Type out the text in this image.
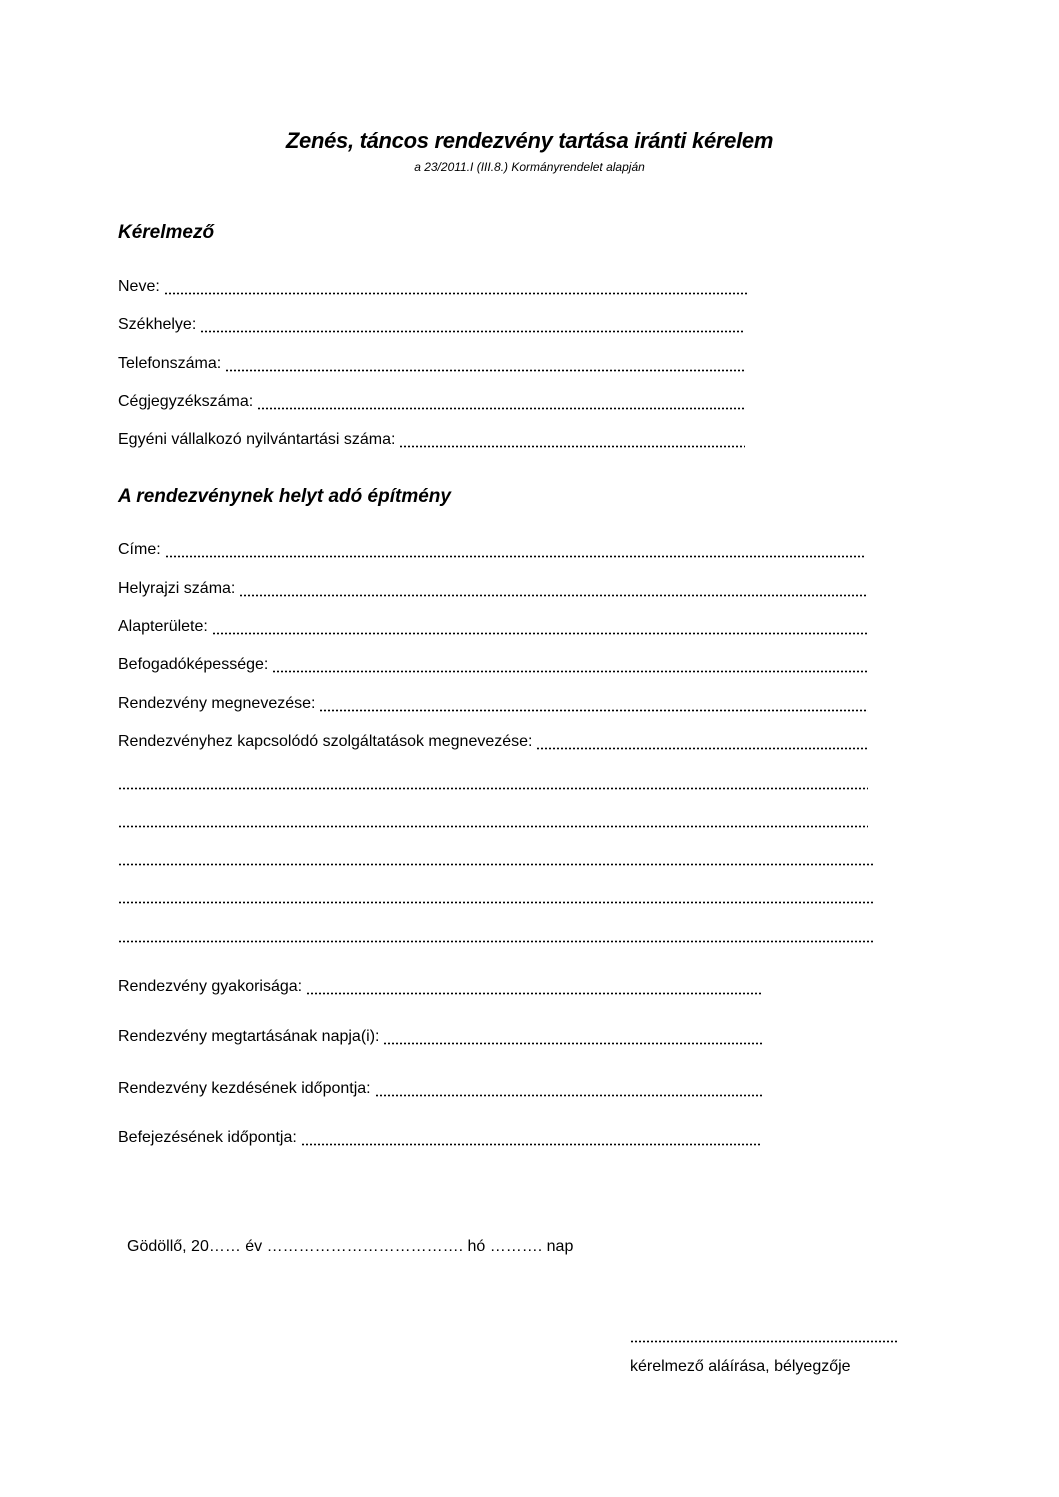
Zenés, táncos rendezvény tartása iránti kérelem
a 23/2011.I (III.8.) Kormányrendelet alapján
Kérelmező
Neve:
Székhelye:
Telefonszáma:
Cégjegyzékszáma:
Egyéni vállalkozó nyilvántartási száma:
A rendezvénynek helyt adó építmény
Címe:
Helyrajzi száma:
Alapterülete:
Befogadóképessége:
Rendezvény megnevezése:
Rendezvényhez kapcsolódó szolgáltatások megnevezése:
Rendezvény gyakorisága:
Rendezvény megtartásának napja(i):
Rendezvény kezdésének időpontja:
Befejezésének időpontja:
Gödöllő, 20…… év ………………………………. hó ………. nap
kérelmező aláírása, bélyegzője
